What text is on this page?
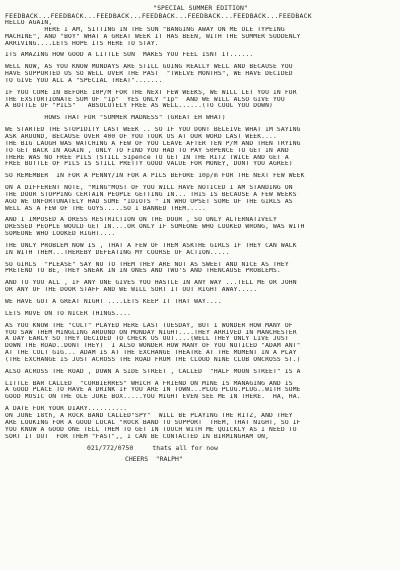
"SPECIAL SUMMER EDITION"
FEEDBACK...FEEDBACK...FEEDBACK...FEEDBACK...FEEDBACK...FEEDBACK...FEEDBACK
HELLO AGAIN,
HERE I AM, SITTING IN THE SUN "BANGING AWAY ON ME OLE TYPEING
MACHINE", AND "BOY" WHAT A GREAT WEEK IT HAS BEEN, WITH THE SUMMER SUDDENLY
ARRIVING....LETS HOPE ITS HERE TO STAY.
ITS AMAZING HOW GOOD A LITTLE SUN  MAKES YOU FEEL ISNT IT......
WELL NOW, AS YOU KNOW MONDAYS ARE STILL GOING REALLY WELL AND BECAUSE YOU
HAVE SUPPORTED US SO WELL OVER THE PAST  "TWELVE MONTHS", WE HAVE DECIDED
TO GIVE YOU ALL A "SPECIAL TREAT".......
IF YOU COME IN BEFORE 10P/M FOR THE NEXT FEW WEEKS, WE WILL LET YOU IN FOR
THE EXSTORTIONATE SUM OF "1p"  YES ONLY "1p"  AND WE WILL ALSO GIVE YOU
A BOTTLE OF "PILS"   ABSOLUTELY FREE AS WELL......(TO COOL YOU DOWN)
HOWS THAT FOR "SUMMER MADNESS" (GREAT EH WHAT)
WE STARTED THE STUPIDITY LAST WEEK .. SO IF YOU DONT BELEIVE WHAT IM SAYING
ASK AROUND, BECAUSE OVER 400 OF YOU TOOK US AT OUR WORD LAST WEEK....
THE BIG LAUGH WAS WATCHING A FEW OF YOU LEAVE AFTER TEN P/M AND THEN TRYING
TO GET BACK IN AGAIN , ONLY TO FIND YOU HAD TO PAY 50PENCE TO GET IN AND
THERE WAS NO FREE PILS (STILL 51pence TO GET IN THE RITZ TWICE AND GET A
FREE BOTTLE OF PILS IS STILL PRETTY GOOD VALUE FOR MONEY, DONT YOU AGREE)
SO REMEMBER  IN FOR A PENNY/IN FOR A PILS BEFORE 10p/m FOR THE NEXT FEW WEEK
ON A DIFFERENT NOTE, "MING"MOST OF YOU WILL HAVE NOTICED I AM STANDING ON
THE DOOR STOPPING CERTAIN PEOPLE GETTING IN... THIS IS BECAUSE A FEW WEEKS
AGO WE UNFORTUNATELY HAD SOME "IDIOTS " IN WHO UPSET SOME OF THE GIRLS AS
WELL AS A FEW OF THE GUYS.....SO I BANNED THEM.....
AND I IMPOSED A DRESS RESTRICTION ON THE DOOR , SO ONLY ALTERNATIVELY
DRESSED PEOPLE WOULD GET IN....OR ONLY IF SOMEONE WHO LOOKED WRONG, WAS WITH
SOMEONE WHO LOOKED RIGHT....
THE ONLY PROBLEM NOW IS , THAT A FEW OF THEM ASKTHE GIRLS IF THEY CAN WALK
IN WITH THEM...THEREBY DEFEATING MY COURSE OF ACTION.....
SO GIRLS  "PLEASE" SAY NO TO THEM THEY ARE NOT AS SWEET AND NICE AS THEY
PRETEND TO BE, THEY SNEAK IN IN ONES AND TWO'S AND THENCAUSE PROBLEMS.
AND TO YOU ALL , IF ANY ONE GIVES YOU HASTLE IN ANY WAY ...TELL ME OR JOHN
OR ANY OF THE DOOR STAFF AND WE WILL SORT IT OUT RIGHT AWAY.....
WE HAVE GOT A GREAT NIGHT ....LETS KEEP IT THAT WAY....
LETS MOVE ON TO NICER THINGS....
AS YOU KNOW THE "CULT" PLAYED HERE LAST TUESDAY, BUT I WONDER HOW MANY OF
YOU SAW THEM MINGLING AROUND ON MONDAY NIGHT....THEY ARRIVED IN MANCHESTER
A DAY EARLY SO THEY DECIDED TO CHECK US OUT....(WELL THEY ONLY LIVE JUST
DOWN THE ROAD..DONT THEY)  I ALSO WONDER HOW MANY OF YOU NOTICED "ADAM ANT"
AT THE CULT GIG... ADAM IS AT THE EXCHANGE THEATRE AT THE MOMENT IN A PLAY
(THE EXCHANGE IS JUST ACROSS THE ROAD FROM THE CLOUD NINE CLUB ONCROSS ST.)
ALSO ACROSS THE ROAD , DOWN A SIDE STREET , CALLED  "HALF MOON STREET" IS A
LITTLE BAR CALLED  "CORBIERRES" WHICH A FRIEND ON MINE IS MANAGING AND IS
A GOOD PLACE TO HAVE A DRINK IF YOU ARE IN TOWN...PLUG PLUG.PLUG..WITH SOME
GOOD MUSIC ON THE OLE JUKE BOX.....YOU MIGHT EVEN SEE ME IN THERE.  HA, HA.
A DATE FOR YOUR DIARY..........
ON JUNE 18th, A ROCK BAND CALLED"SPY"  WILL BE PLAYING THE RITZ, AND THEY
ARE LOOKING FOR A GOOD LOCAL "ROCK BAND TO SUPPORT  THEM, THAT NIGHT, SO IF
YOU KNOW A GOOD ONE TELL THEM TO GET IN TOUCH WITH ME QUICKLY AS I NEED TO
SORT IT OUT  FOR THEM "FAST",, I CAN BE CONTACTED IN BIRMINGHAM ON,
021/772/0750     thats all for now
CHEERS  "RALPH"
